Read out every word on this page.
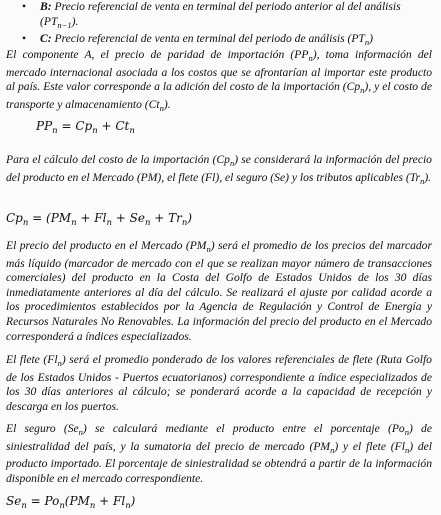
• B: Precio referencial de venta en terminal del periodo anterior al del análisis $(PT_{n-1})$.
• C: Precio referencial de venta en terminal del periodo de análisis $(PT_n)$

El componente A, el precio de paridad de importación $(PP_n)$, toma información del mercado internacional asociada a los costos que se afrontarían al importar este producto al país. Este valor corresponde a la adición del costo de la importación $(Cp_n)$, y el costo de transporte y almacenamiento $(Ct_n)$.

$PP_n = Cp_n + Ct_n$

Para el cálculo del costo de la importación $(Cp_n)$ se considerará la información del precio del producto en el Mercado (PM), el flete (Fl), el seguro (Se) y los tributos aplicables $(Tr_n)$.

$Cp_n = (PM_n + Fl_n + Se_n + Tr_n)$

El precio del producto en el Mercado $(PM_n)$ será el promedio de los precios del marcador más líquido (marcador de mercado con el que se realizan mayor número de transacciones comerciales) del producto en la Costa del Golfo de Estados Unidos de los 30 días inmediatamente anteriores al día del cálculo. Se realizará el ajuste por calidad acorde a los procedimientos establecidos por la Agencia de Regulación y Control de Energía y Recursos Naturales No Renovables. La información del precio del producto en el Mercado corresponderá a índices especializados.

El flete $(Fl_n)$ será el promedio ponderado de los valores referenciales de flete (Ruta Golfo de los Estados Unidos - Puertos ecuatorianos) correspondiente a índice especializados de los 30 días anteriores al cálculo; se ponderará acorde a la capacidad de recepción y descarga en los puertos.

El seguro $(Se_n)$ se calculará mediante el producto entre el porcentaje $(Po_n)$ de siniestralidad del país, y la sumatoria del precio de mercado $(PM_n)$ y el flete $(Fl_n)$ del producto importado. El porcentaje de siniestralidad se obtendrá a partir de la información disponible en el mercado correspondiente.

$Se_n = Po_n(PM_n + Fl_n)$
